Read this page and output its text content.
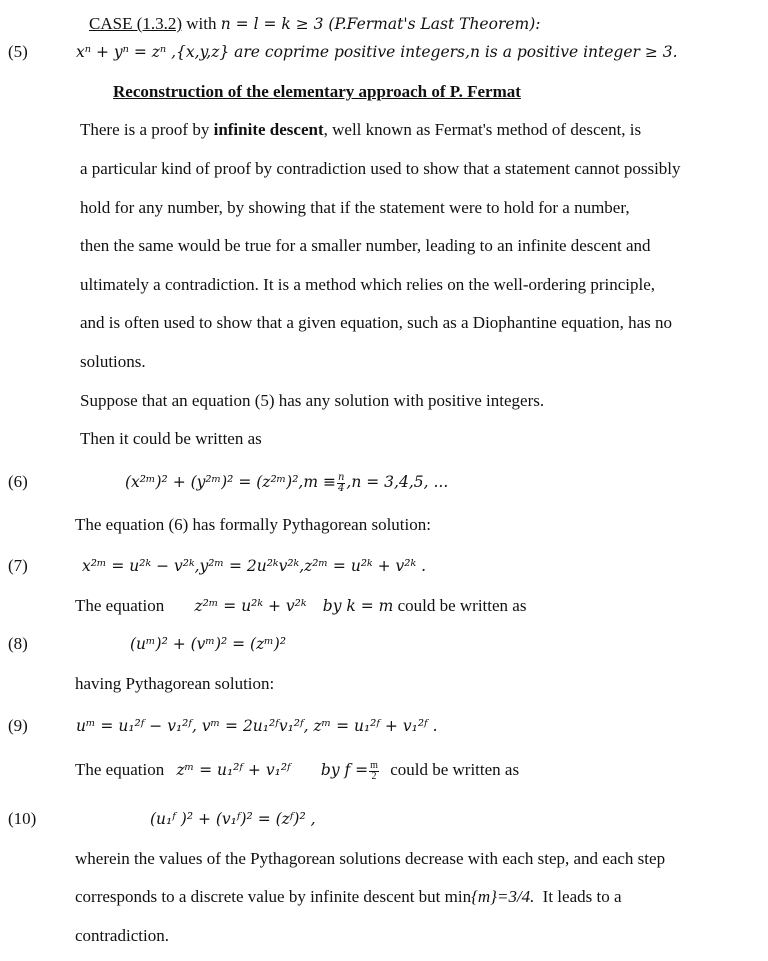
CASE (1.3.2) with n = l = k ≥ 3 (P.Fermat's Last Theorem):
(5)	xⁿ + yⁿ = zⁿ ,{x,y,z} are coprime positive integers,n is a positive integer ≥ 3.
Reconstruction of the elementary approach of P. Fermat
There is a proof by infinite descent, well known as Fermat's method of descent, is
a particular kind of proof by contradiction used to show that a statement cannot possibly
hold for any number, by showing that if the statement were to hold for a number,
then the same would be true for a smaller number, leading to an infinite descent and
ultimately a contradiction. It is a method which relies on the well-ordering principle,
and is often used to show that a given equation, such as a Diophantine equation, has no
solutions.
Suppose that an equation (5) has any solution with positive integers.
Then it could be written as
(6)	(x²ᵐ)² + (y²ᵐ)² = (z²ᵐ)²,m ≡ $\frac{n}{4} ,n = 3,4,5$, ...
The equation (6) has formally Pythagorean solution:
(7)	x²ᵐ = u²ᵏ − v²ᵏ,y²ᵐ = 2u²ᵏv²ᵏ,z²ᵐ = u²ᵏ + v²ᵏ .
The equation z²ᵐ = u²ᵏ + v²ᵏ by k = m could be written as
(8)	(uᵐ)² + (vᵐ)² = (zᵐ)²
having Pythagorean solution:
(9)	uᵐ = u₁²ᶠ − v₁²ᶠ, vᵐ = 2u₁²ᶠv₁²ᶠ, zᵐ = u₁²ᶠ + v₁²ᶠ .
The equation zᵐ = u₁²ᶠ + v₁²ᶠ by $f = \frac{m}{2}$ could be written as
(10)	(u₁ᶠ )² + (v₁ᶠ)² = (zᶠ)² ,
wherein the values of the Pythagorean solutions decrease with each step, and each step
corresponds to a discrete value by infinite descent but min{m}=3/4. It leads to a
contradiction.
